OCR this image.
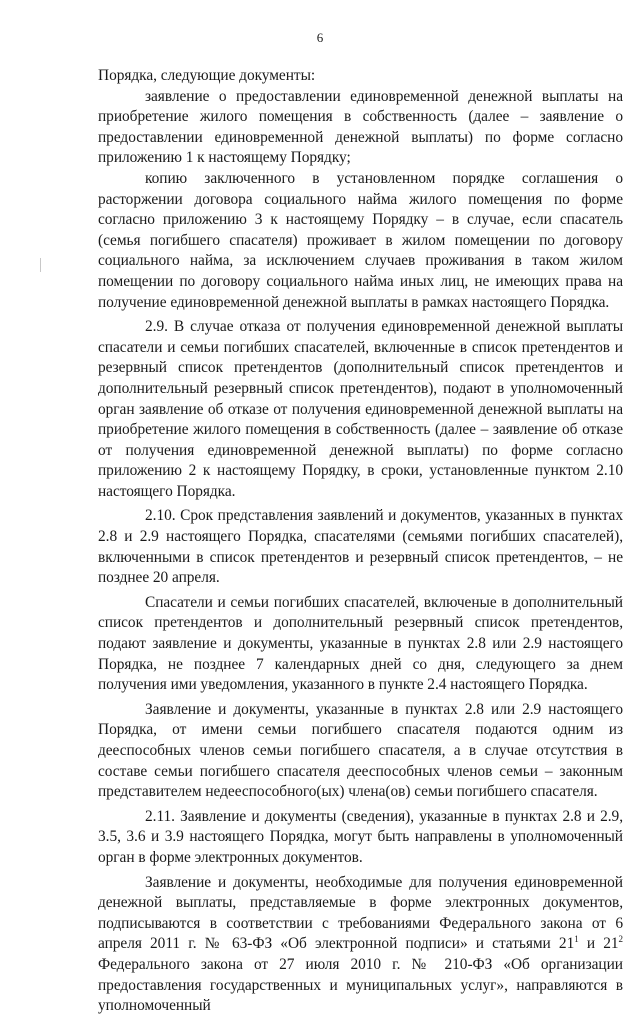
6

Порядка, следующие документы:

заявление о предоставлении единовременной денежной выплаты на приобретение жилого помещения в собственность (далее – заявление о предоставлении единовременной денежной выплаты) по форме согласно приложению 1 к настоящему Порядку;

копию заключенного в установленном порядке соглашения о расторжении договора социального найма жилого помещения по форме согласно приложению 3 к настоящему Порядку – в случае, если спасатель (семья погибшего спасателя) проживает в жилом помещении по договору социального найма, за исключением случаев проживания в таком жилом помещении по договору социального найма иных лиц, не имеющих права на получение единовременной денежной выплаты в рамках настоящего Порядка.

2.9. В случае отказа от получения единовременной денежной выплаты спасатели и семьи погибших спасателей, включенные в список претендентов и резервный список претендентов (дополнительный список претендентов и дополнительный резервный список претендентов), подают в уполномоченный орган заявление об отказе от получения единовременной денежной выплаты на приобретение жилого помещения в собственность (далее – заявление об отказе от получения единовременной денежной выплаты) по форме согласно приложению 2 к настоящему Порядку, в сроки, установленные пунктом 2.10 настоящего Порядка.

2.10. Срок представления заявлений и документов, указанных в пунктах 2.8 и 2.9 настоящего Порядка, спасателями (семьями погибших спасателей), включенными в список претендентов и резервный список претендентов, – не позднее 20 апреля.

Спасатели и семьи погибших спасателей, включеные в дополнительный список претендентов и дополнительный резервный список претендентов, подают заявление и документы, указанные в пунктах 2.8 или 2.9 настоящего Порядка, не позднее 7 календарных дней со дня, следующего за днем получения ими уведомления, указанного в пункте 2.4 настоящего Порядка.

Заявление и документы, указанные в пунктах 2.8 или 2.9 настоящего Порядка, от имени семьи погибшего спасателя подаются одним из дееспособных членов семьи погибшего спасателя, а в случае отсутствия в составе семьи погибшего спасателя дееспособных членов семьи – законным представителем недееспособного(ых) члена(ов) семьи погибшего спасателя.

2.11. Заявление и документы (сведения), указанные в пунктах 2.8 и 2.9, 3.5, 3.6 и 3.9 настоящего Порядка, могут быть направлены в уполномоченный орган в форме электронных документов.

Заявление и документы, необходимые для получения единовременной денежной выплаты, представляемые в форме электронных документов, подписываются в соответствии с требованиями Федерального закона от 6 апреля 2011 г. № 63-ФЗ «Об электронной подписи» и статьями $21^1$ и $21^2$ Федерального закона от 27 июля 2010 г. № 210-ФЗ «Об организации предоставления государственных и муниципальных услуг», направляются в уполномоченный
